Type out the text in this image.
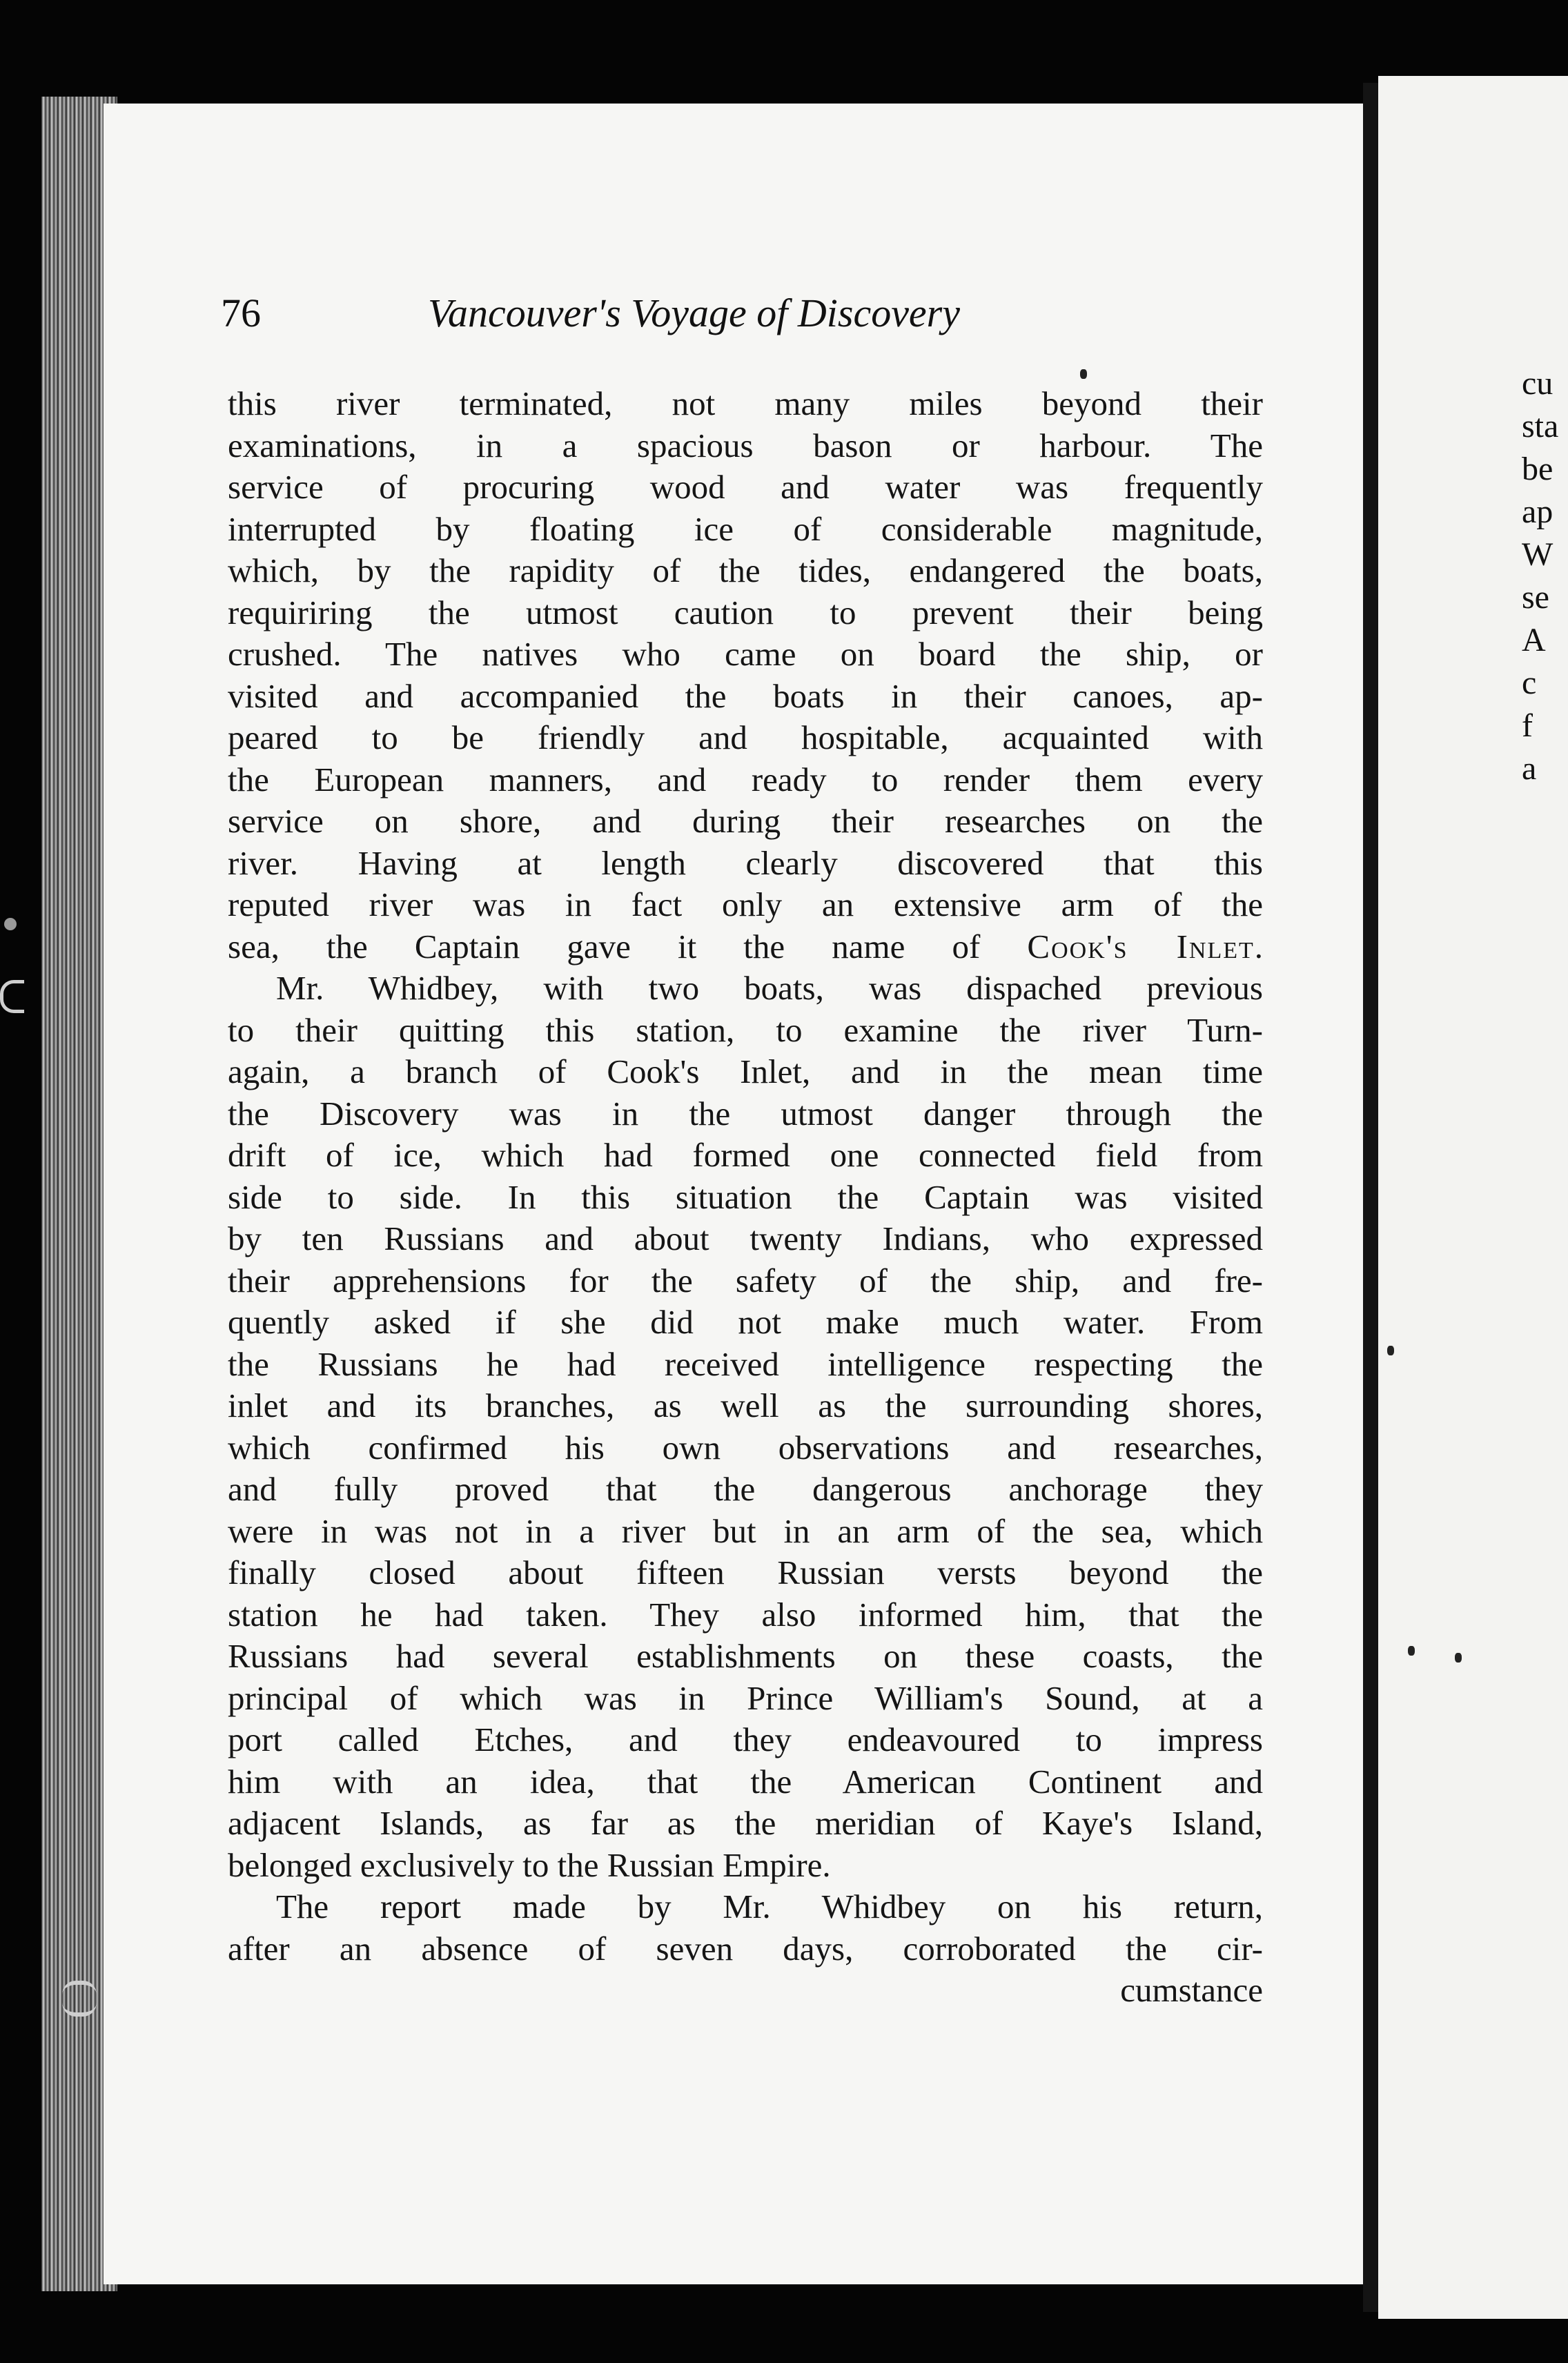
76	Vancouver's Voyage of Discovery
this river terminated, not many miles beyond their
examinations, in a spacious bason or harbour. The
service of procuring wood and water was frequently
interrupted by floating ice of considerable magnitude,
which, by the rapidity of the tides, endangered the boats,
requiriring the utmost caution to prevent their being
crushed. The natives who came on board the ship, or
visited and accompanied the boats in their canoes, ap-
peared to be friendly and hospitable, acquainted with
the European manners, and ready to render them every
service on shore, and during their researches on the
river. Having at length clearly discovered that this
reputed river was in fact only an extensive arm of the
sea, the Captain gave it the name of Cook's Inlet.
Mr. Whidbey, with two boats, was dispached previous
to their quitting this station, to examine the river Turn-
again, a branch of Cook's Inlet, and in the mean time
the Discovery was in the utmost danger through the
drift of ice, which had formed one connected field from
side to side. In this situation the Captain was visited
by ten Russians and about twenty Indians, who expressed
their apprehensions for the safety of the ship, and fre-
quently asked if she did not make much water. From
the Russians he had received intelligence respecting the
inlet and its branches, as well as the surrounding shores,
which confirmed his own observations and researches,
and fully proved that the dangerous anchorage they
were in was not in a river but in an arm of the sea, which
finally closed about fifteen Russian versts beyond the
station he had taken. They also informed him, that the
Russians had several establishments on these coasts, the
principal of which was in Prince William's Sound, at a
port called Etches, and they endeavoured to impress
him with an idea, that the American Continent and
adjacent Islands, as far as the meridian of Kaye's Island,
belonged exclusively to the Russian Empire.
The report made by Mr. Whidbey on his return,
after an absence of seven days, corroborated the cir-
cumstance
cu
sta
be
ap
W
se
A
c
f
a
